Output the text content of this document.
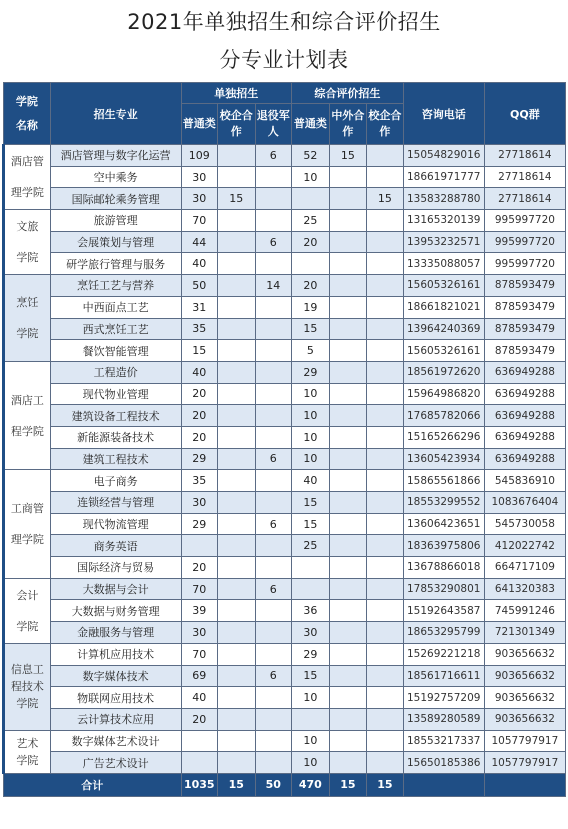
2021年单独招生和综合评价招生
分专业计划表
学院
名称	招生专业	单独招生			综合评价招生			咨询电话	QQ群
		普通类	校企合作	退役军人	普通类	中外合作	校企合作		

酒店管
理学院	酒店管理与数字化运营	109		6	52	15		15054829016	27718614
	空中乘务	30			10			18661971777	27718614
	国际邮轮乘务管理	30	15				15	13583288780	27718614

文旅
学院	旅游管理	70			25			13165320139	995997720
	会展策划与管理	44		6	20			13953232571	995997720
	研学旅行管理与服务	40						13335088057	995997720

烹饪
学院	烹饪工艺与营养	50		14	20			15605326161	878593479
	中西面点工艺	31			19			18661821021	878593479
	西式烹饪工艺	35			15			13964240369	878593479
	餐饮智能管理	15			5			15605326161	878593479

酒店工
程学院	工程造价	40			29			18561972620	636949288
	现代物业管理	20			10			15964986820	636949288
	建筑设备工程技术	20			10			17685782066	636949288
	新能源装备技术	20			10			15165266296	636949288
	建筑工程技术	29		6	10			13605423934	636949288

工商管
理学院	电子商务	35			40			15865561866	545836910
	连锁经营与管理	30			15			18553299552	1083676404
	现代物流管理	29		6	15			13606423651	545730058
	商务英语				25			18363975806	412022742
	国际经济与贸易	20						13678866018	664717109

会计
学院	大数据与会计	70		6				17853290801	641320383
	大数据与财务管理	39			36			15192643587	745991246
	金融服务与管理	30			30			18653295799	721301349

信息工
程技术
学院	计算机应用技术	70			29			15269221218	903656632
	数字媒体技术	69		6	15			18561716611	903656632
	物联网应用技术	40			10			15192757209	903656632
	云计算技术应用	20						13589280589	903656632

艺术
学院	数字媒体艺术设计				10			18553217337	1057797917
	广告艺术设计				10			15650185386	1057797917
合计		1035	15	50	470	15	15		
